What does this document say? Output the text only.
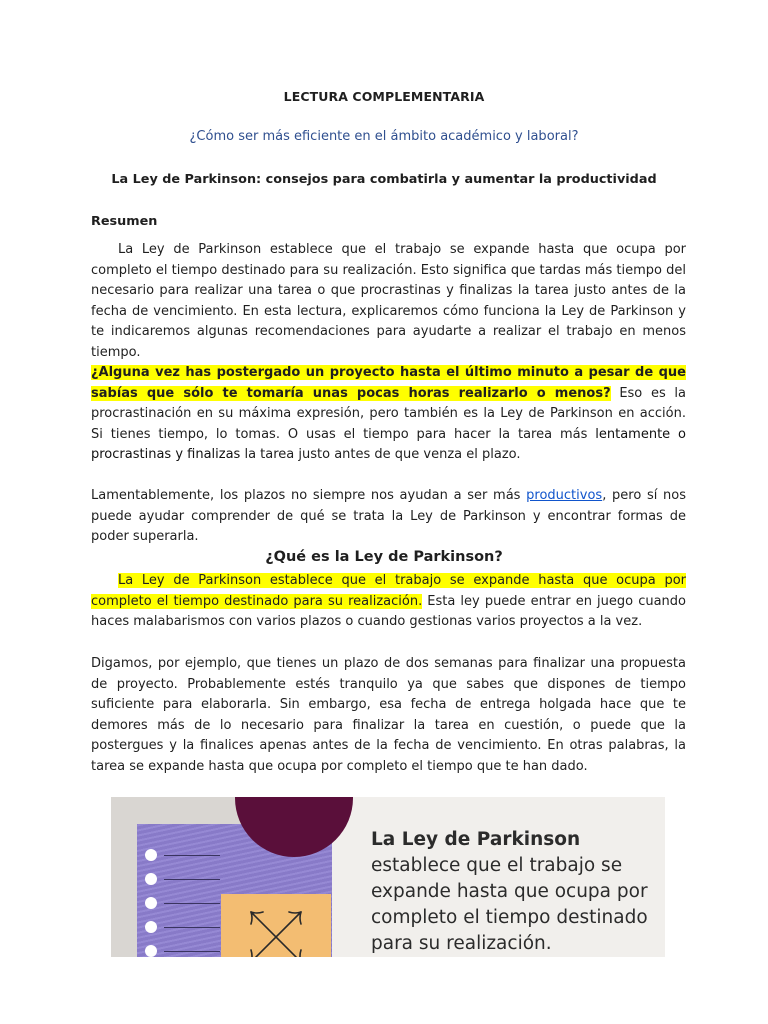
LECTURA COMPLEMENTARIA
¿Cómo ser más eficiente en el ámbito académico y laboral?
La Ley de Parkinson: consejos para combatirla y aumentar la productividad
Resumen

La Ley de Parkinson establece que el trabajo se expande hasta que ocupa por completo el tiempo destinado para su realización. Esto significa que tardas más tiempo del necesario para realizar una tarea o que procrastinas y finalizas la tarea justo antes de la fecha de vencimiento. En esta lectura, explicaremos cómo funciona la Ley de Parkinson y te indicaremos algunas recomendaciones para ayudarte a realizar el trabajo en menos tiempo.

¿Alguna vez has postergado un proyecto hasta el último minuto a pesar de que sabías que sólo te tomaría unas pocas horas realizarlo o menos? Eso es la procrastinación en su máxima expresión, pero también es la Ley de Parkinson en acción. Si tienes tiempo, lo tomas. O usas el tiempo para hacer la tarea más lentamente o procrastinas y finalizas la tarea justo antes de que venza el plazo.

Lamentablemente, los plazos no siempre nos ayudan a ser más productivos, pero sí nos puede ayudar comprender de qué se trata la Ley de Parkinson y encontrar formas de poder superarla.

¿Qué es la Ley de Parkinson?

La Ley de Parkinson establece que el trabajo se expande hasta que ocupa por completo el tiempo destinado para su realización. Esta ley puede entrar en juego cuando haces malabarismos con varios plazos o cuando gestionas varios proyectos a la vez.

Digamos, por ejemplo, que tienes un plazo de dos semanas para finalizar una propuesta de proyecto. Probablemente estés tranquilo ya que sabes que dispones de tiempo suficiente para elaborarla. Sin embargo, esa fecha de entrega holgada hace que te demores más de lo necesario para finalizar la tarea en cuestión, o puede que la postergues y la finalices apenas antes de la fecha de vencimiento. En otras palabras, la tarea se expande hasta que ocupa por completo el tiempo que te han dado.

La Ley de Parkinson establece que el trabajo se expande hasta que ocupa por completo el tiempo destinado para su realización.
